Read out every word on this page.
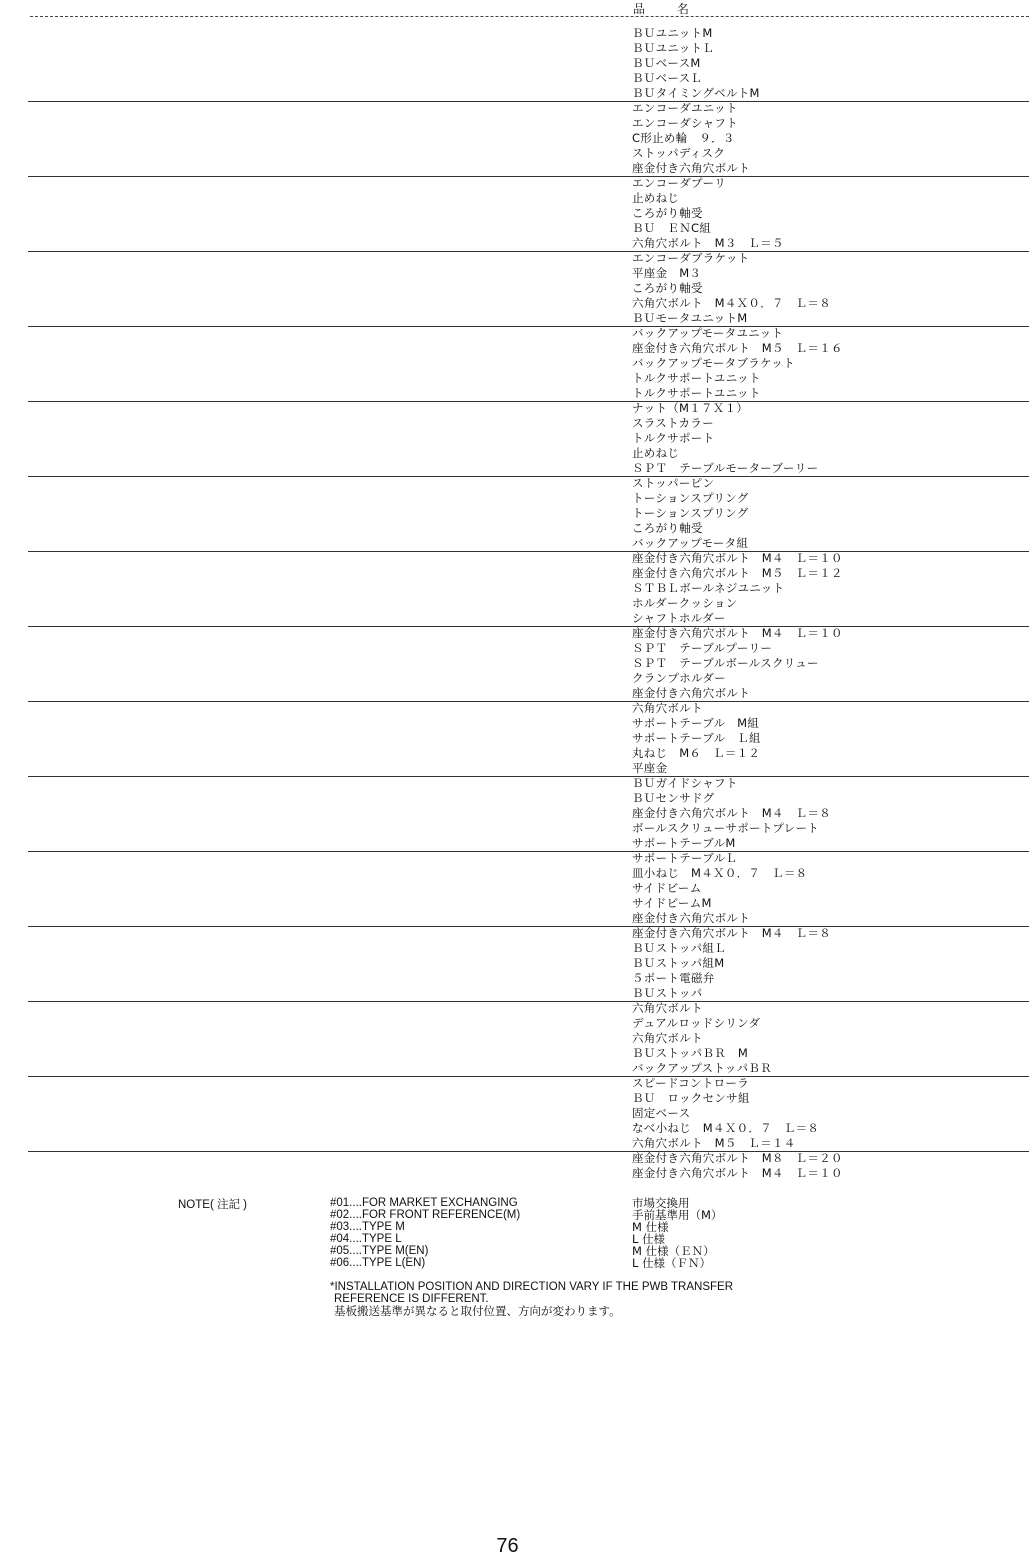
品 名
ＢＵユニットM
ＢＵユニットＬ
ＢＵベースM
ＢＵベースＬ
ＢＵタイミングベルトM
エンコーダユニット
エンコーダシャフト
C形止め輪　９．３
ストッパディスク
座金付き六角穴ボルト
エンコーダプーリ
止めねじ
ころがり軸受
ＢＵ　ＥＮC組
六角穴ボルト　M３　Ｌ＝５
エンコーダブラケット
平座金　M３
ころがり軸受
六角穴ボルト　M４Ｘ０．７　Ｌ＝８
ＢＵモータユニットM
バックアップモータユニット
座金付き六角穴ボルト　M５　Ｌ＝１６
バックアップモータブラケット
トルクサポートユニット
トルクサポートユニット
ナット（M１７Ｘ１）
スラストカラー
トルクサポート
止めねじ
ＳＰＴ　テーブルモーターブーリー
ストッパーピン
トーションスプリング
トーションスプリング
ころがり軸受
バックアップモータ組
座金付き六角穴ボルト　M４　Ｌ＝１０
座金付き六角穴ボルト　M５　Ｌ＝１２
ＳＴＢＬボールネジユニット
ホルダークッション
シャフトホルダー
座金付き六角穴ボルト　M４　Ｌ＝１０
ＳＰＴ　テーブルプーリー
ＳＰＴ　テーブルボールスクリュー
クランプホルダー
座金付き六角穴ボルト
六角穴ボルト
サポートテーブル　M組
サポートテーブル　Ｌ組
丸ねじ　M６　Ｌ＝１２
平座金
ＢＵガイドシャフト
ＢＵセンサドグ
座金付き六角穴ボルト　M４　Ｌ＝８
ボールスクリューサポートプレート
サポートテーブルM
サポートテーブルＬ
皿小ねじ　M４Ｘ０．７　Ｌ＝８
サイドビーム
サイドビームM
座金付き六角穴ボルト
座金付き六角穴ボルト　M４　Ｌ＝８
ＢＵストッパ組Ｌ
ＢＵストッパ組M
５ポート電磁弁
ＢＵストッパ
六角穴ボルト
デュアルロッドシリンダ
六角穴ボルト
ＢＵストッパＢＲ　M
バックアップストッパＢＲ
スピードコントローラ
ＢＵ　ロックセンサ組
固定ベース
なべ小ねじ　M４Ｘ０．７　Ｌ＝８
六角穴ボルト　M５　Ｌ＝１４
座金付き六角穴ボルト　M８　Ｌ＝２０
座金付き六角穴ボルト　M４　Ｌ＝１０
NOTE( 注記 )	#01....FOR MARKET EXCHANGING
#02....FOR FRONT REFERENCE(M)
#03....TYPE M
#04....TYPE L
#05....TYPE M(EN)
#06....TYPE L(EN)
市場交換用
手前基準用（M）
M 仕様
L 仕様
M 仕様（ＥＮ）
L 仕様（ＦＮ）
*INSTALLATION POSITION AND DIRECTION VARY IF THE PWB TRANSFER
REFERENCE IS DIFFERENT.
基板搬送基準が異なると取付位置、方向が変わります。
76
